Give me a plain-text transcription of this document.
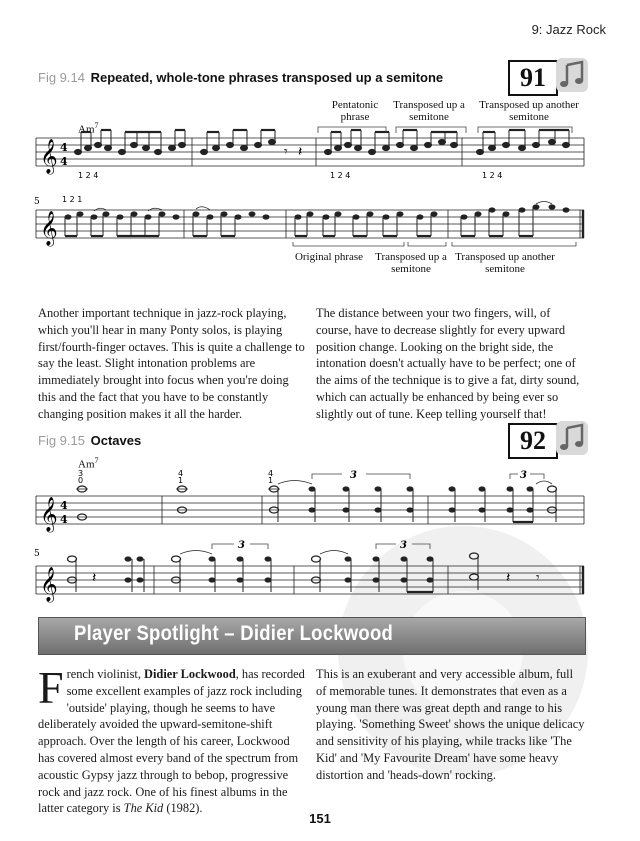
9: Jazz Rock
Fig 9.14 Repeated, whole-tone phrases transposed up a semitone	91
Am$^7$
Pentatonic phrase
Transposed up a semitone
Transposed up another semitone
Original phrase	Transposed up a semitone
Transposed up another semitone
𝄞 4
4
𝄾 𝄽
1 2 4	1 2 4	1 2 4
5	1 2 1
𝄞
Another important technique in jazz-rock playing, which you'll hear in many Ponty solos, is playing first/fourth-finger octaves. This is quite a challenge to say the least. Slight intonation problems are immediately brought into focus when you're doing this and the fact that you have to be constantly changing position makes it all the harder.
The distance between your two fingers, will, of course, have to decrease slightly for every upward position change. Looking on the bright side, the intonation doesn't actually have to be perfect; one of the aims of the technique is to give a fat, dirty sound, which can actually be enhanced by being ever so slightly out of tune. Keep telling yourself that!
Fig 9.15 Octaves	92
Am$^7$
3
0
4
1
4
1
𝄞 4
4
3	3
5
𝄞 𝄽	𝄽 𝄾
3	3
Player Spotlight – Didier Lockwood
French violinist, Didier Lockwood, has recorded some excellent examples of jazz rock including 'outside' playing, though he seems to have deliberately avoided the upward-semitone-shift approach. Over the length of his career, Lockwood has covered almost every band of the spectrum from acoustic Gypsy jazz through to bebop, progressive rock and jazz rock. One of his finest albums in the latter category is The Kid (1982).
This is an exuberant and very accessible album, full of memorable tunes. It demonstrates that even as a young man there was great depth and range to his playing. 'Something Sweet' shows the unique delicacy and sensitivity of his playing, while tracks like 'The Kid' and 'My Favourite Dream' have some heavy distortion and 'heads-down' rocking.
151
